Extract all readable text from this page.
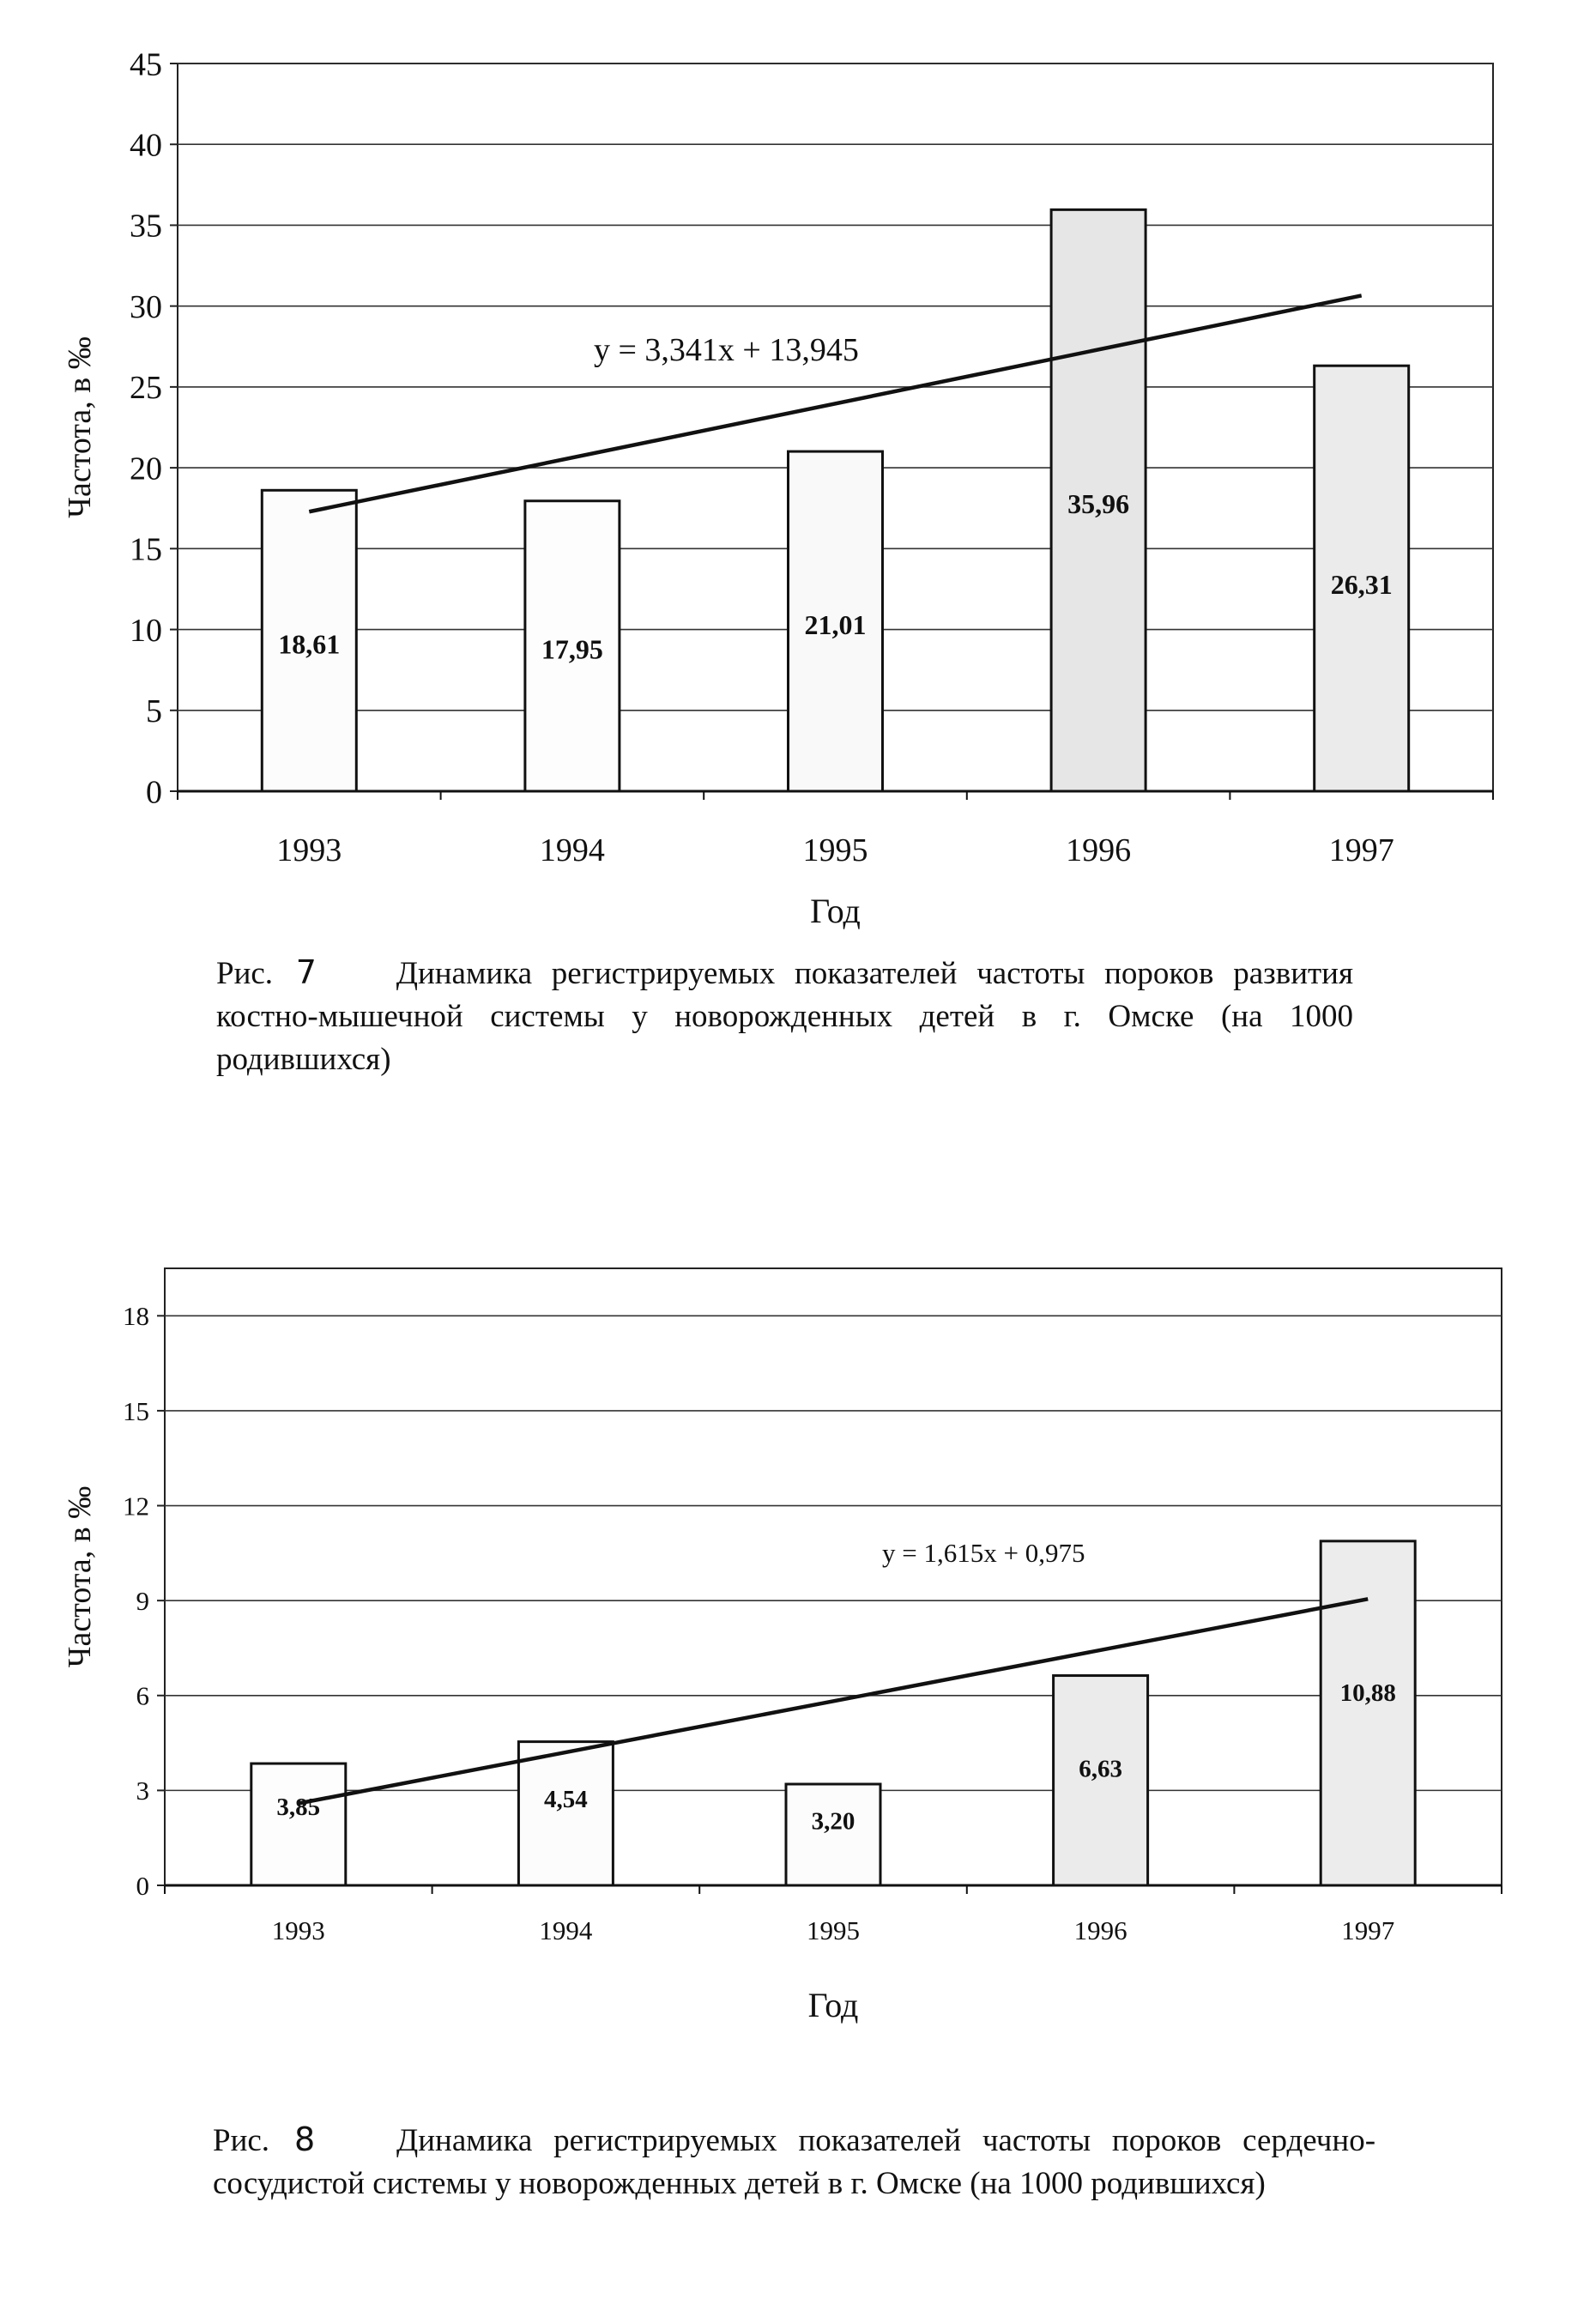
0
5
10
15
20
25
30
35
40
45
y = 3,341x + 13,945
18,61	17,95
21,01
35,96
26,31
1993	1994	1995	1996	1997
Год
Частота, в ‰
Рис. 7	Динамика регистрируемых показателей частоты пороков развития костно-мышечной системы у новорожденных детей в г. Омске (на 1000 родившихся)
0
3
6
9
12
15
18
y = 1,615x + 0,975
3,85	4,54
3,20
6,63
10,88
1993	1994	1995	1996	1997
Год
Частота, в ‰
Рис. 8	Динамика регистрируемых показателей частоты пороков сердечно-сосудистой системы у новорожденных детей в г. Омске (на 1000 родившихся)
